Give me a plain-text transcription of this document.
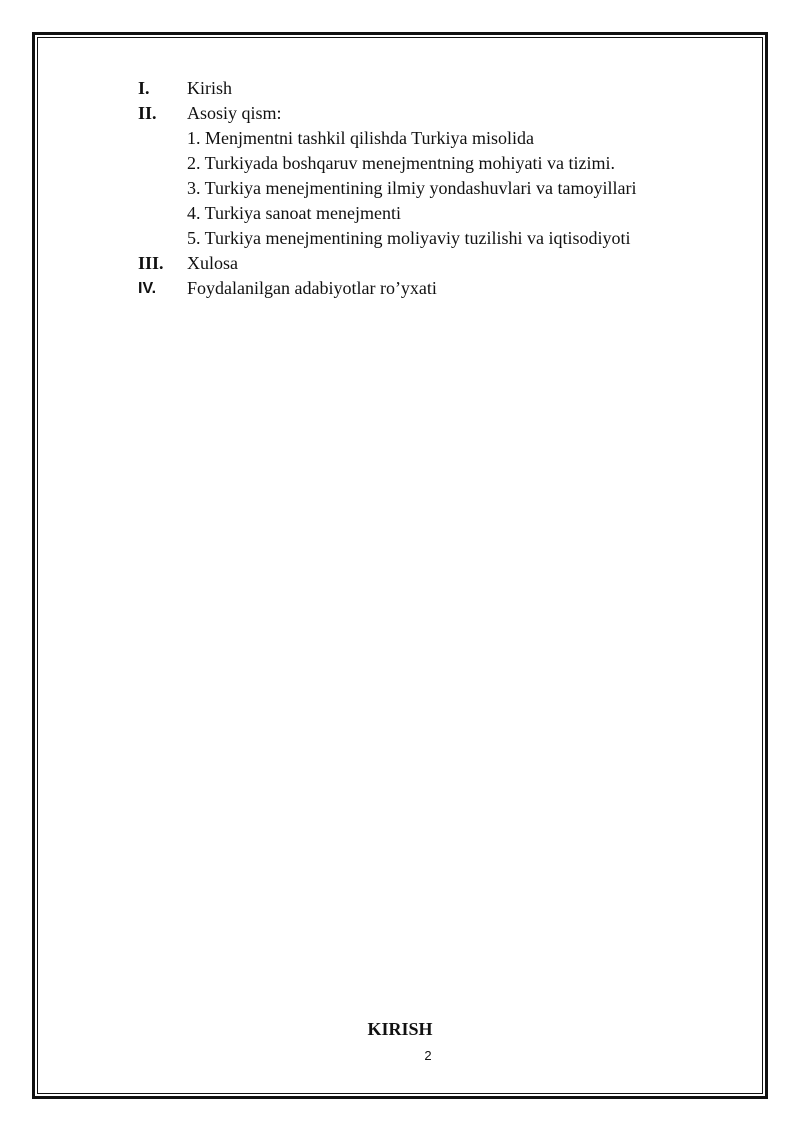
I.	Kirish
II.	Asosiy qism:
1. Menjmentni tashkil qilishda Turkiya misolida
2. Turkiyada boshqaruv menejmentning mohiyati va tizimi.
3. Turkiya menejmentining ilmiy yondashuvlari va tamoyillari
4. Turkiya sanoat menejmenti
5. Turkiya menejmentining moliyaviy tuzilishi va iqtisodiyoti
III.	Xulosa
IV.	Foydalanilgan adabiyotlar ro’yxati
KIRISH
2
